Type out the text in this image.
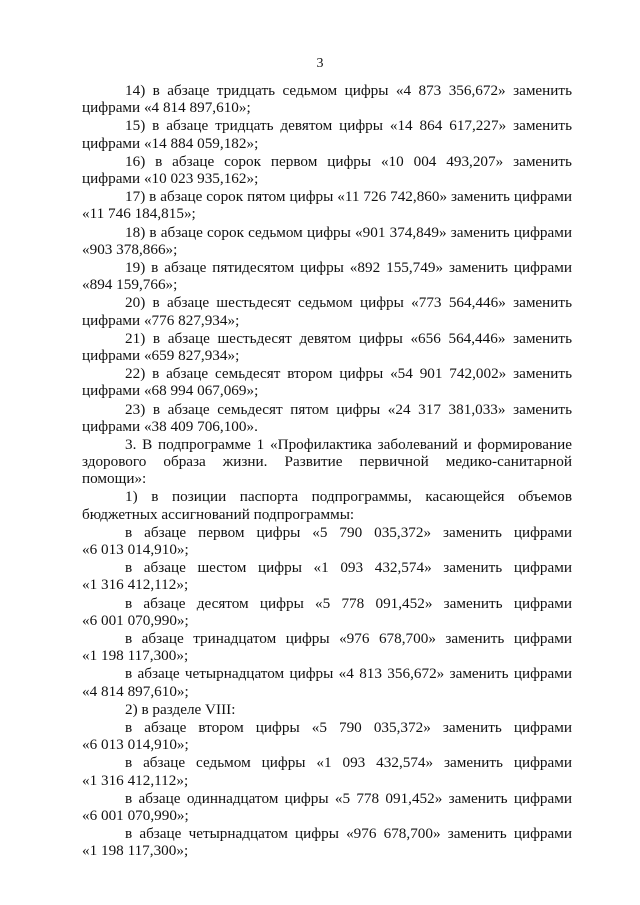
3
14) в абзаце тридцать седьмом цифры «4 873 356,672» заменить
цифрами «4 814 897,610»;
15) в абзаце тридцать девятом цифры «14 864 617,227» заменить
цифрами «14 884 059,182»;
16) в абзаце сорок первом цифры «10 004 493,207» заменить
цифрами «10 023 935,162»;
17) в абзаце сорок пятом цифры «11 726 742,860» заменить цифрами
«11 746 184,815»;
18) в абзаце сорок седьмом цифры «901 374,849» заменить цифрами
«903 378,866»;
19) в абзаце пятидесятом цифры «892 155,749» заменить цифрами
«894 159,766»;
20) в абзаце шестьдесят седьмом цифры «773 564,446» заменить
цифрами «776 827,934»;
21) в абзаце шестьдесят девятом цифры «656 564,446» заменить
цифрами «659 827,934»;
22) в абзаце семьдесят втором цифры «54 901 742,002» заменить
цифрами «68 994 067,069»;
23) в абзаце семьдесят пятом цифры «24 317 381,033» заменить
цифрами «38 409 706,100».
3. В подпрограмме 1 «Профилактика заболеваний и формирование
здорового образа жизни. Развитие первичной медико-санитарной
помощи»:
1) в позиции паспорта подпрограммы, касающейся объемов
бюджетных ассигнований подпрограммы:
в абзаце первом цифры «5 790 035,372» заменить цифрами
«6 013 014,910»;
в абзаце шестом цифры «1 093 432,574» заменить цифрами
«1 316 412,112»;
в абзаце десятом цифры «5 778 091,452» заменить цифрами
«6 001 070,990»;
в абзаце тринадцатом цифры «976 678,700» заменить цифрами
«1 198 117,300»;
в абзаце четырнадцатом цифры «4 813 356,672» заменить цифрами
«4 814 897,610»;
2) в разделе VIII:
в абзаце втором цифры «5 790 035,372» заменить цифрами
«6 013 014,910»;
в абзаце седьмом цифры «1 093 432,574» заменить цифрами
«1 316 412,112»;
в абзаце одиннадцатом цифры «5 778 091,452» заменить цифрами
«6 001 070,990»;
в абзаце четырнадцатом цифры «976 678,700» заменить цифрами
«1 198 117,300»;
